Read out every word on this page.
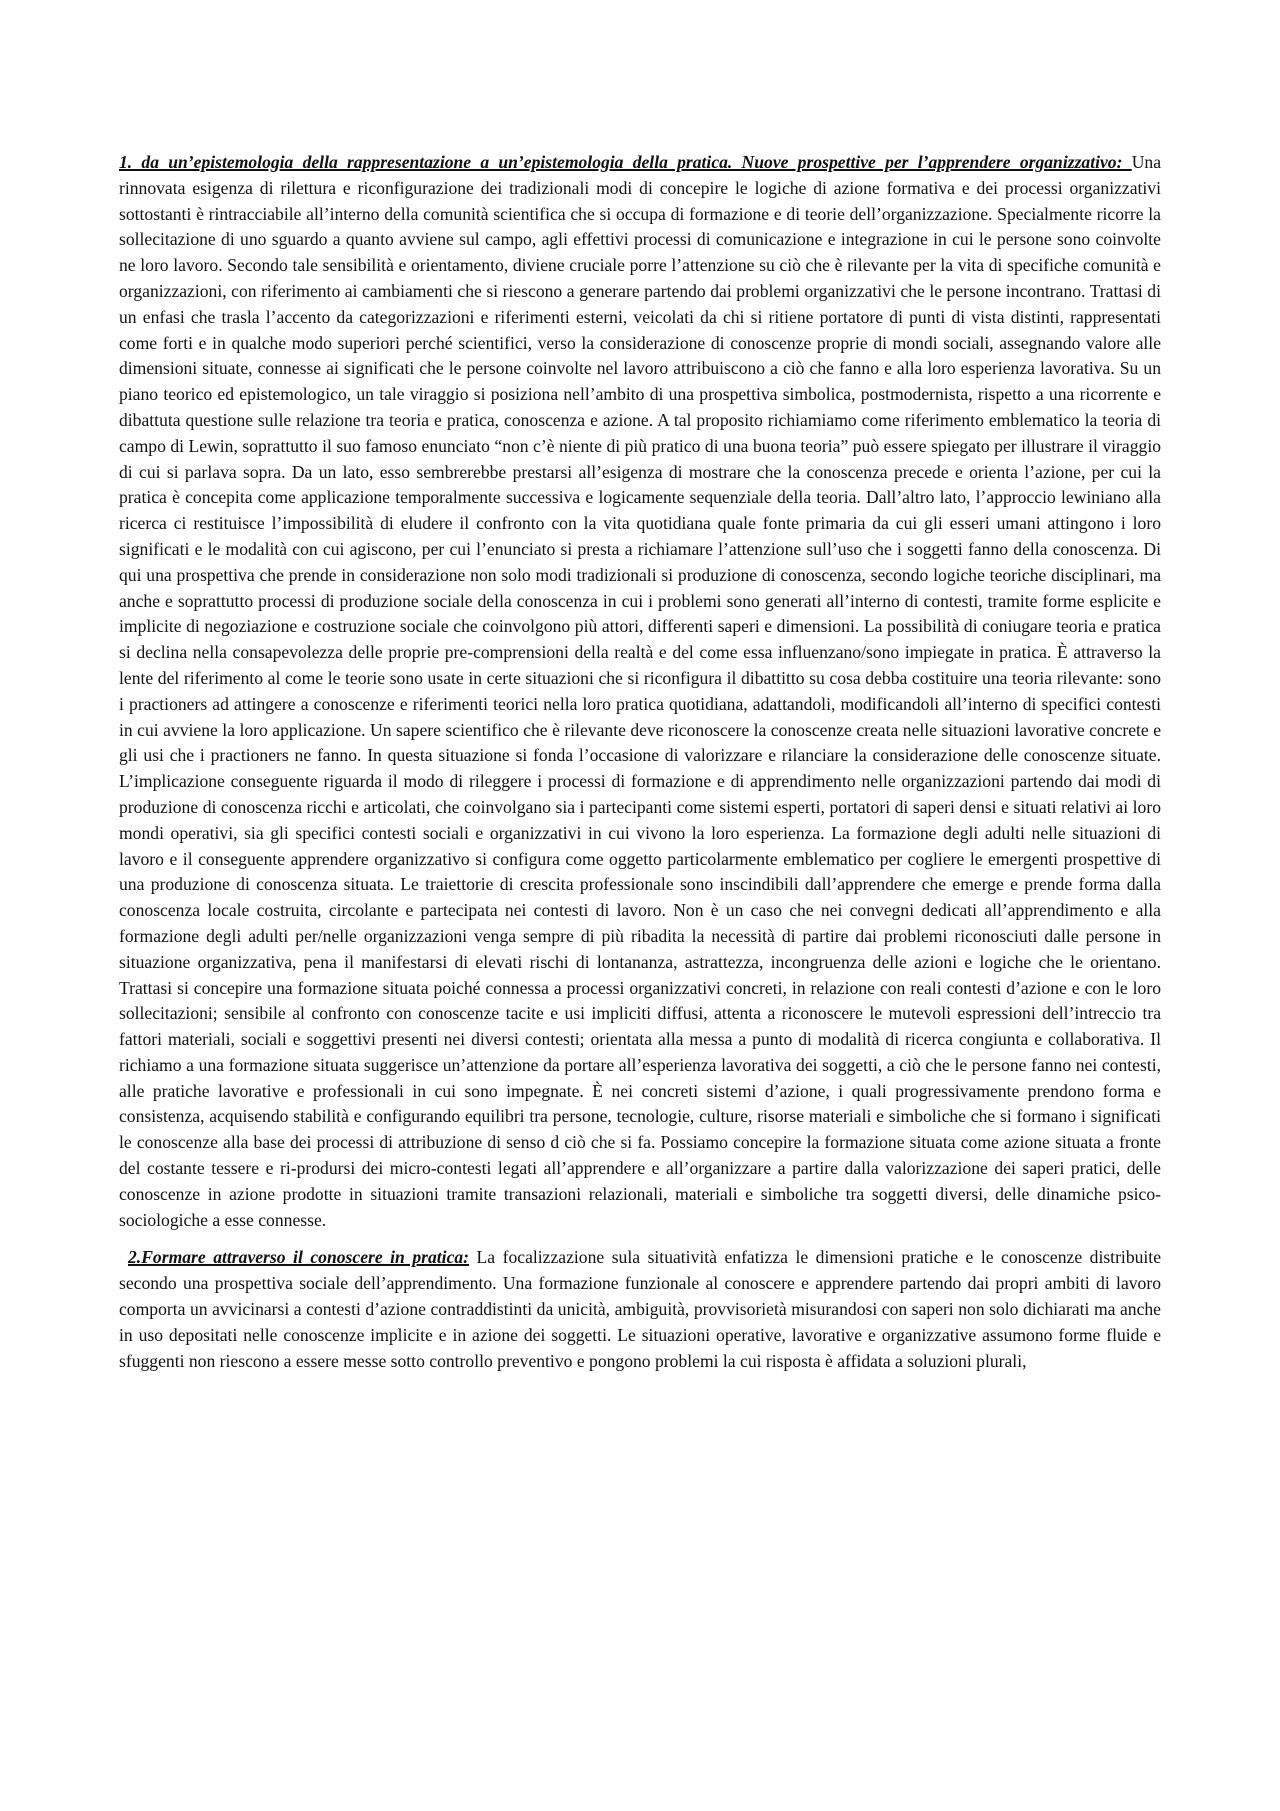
1. da un’epistemologia della rappresentazione a un’epistemologia della pratica. Nuove prospettive per l’apprendere organizzativo: Una rinnovata esigenza di rilettura e riconfigurazione dei tradizionali modi di concepire le logiche di azione formativa e dei processi organizzativi sottostanti è rintracciabile all’interno della comunità scientifica che si occupa di formazione e di teorie dell’organizzazione. Specialmente ricorre la sollecitazione di uno sguardo a quanto avviene sul campo, agli effettivi processi di comunicazione e integrazione in cui le persone sono coinvolte ne loro lavoro. Secondo tale sensibilità e orientamento, diviene cruciale porre l’attenzione su ciò che è rilevante per la vita di specifiche comunità e organizzazioni, con riferimento ai cambiamenti che si riescono a generare partendo dai problemi organizzativi che le persone incontrano. Trattasi di un enfasi che trasla l’accento da categorizzazioni e riferimenti esterni, veicolati da chi si ritiene portatore di punti di vista distinti, rappresentati come forti e in qualche modo superiori perché scientifici, verso la considerazione di conoscenze proprie di mondi sociali, assegnando valore alle dimensioni situate, connesse ai significati che le persone coinvolte nel lavoro attribuiscono a ciò che fanno e alla loro esperienza lavorativa. Su un piano teorico ed epistemologico, un tale viraggio si posiziona nell’ambito di una prospettiva simbolica, postmodernista, rispetto a una ricorrente e dibattuta questione sulle relazione tra teoria e pratica, conoscenza e azione. A tal proposito richiamiamo come riferimento emblematico la teoria di campo di Lewin, soprattutto il suo famoso enunciato “non c’è niente di più pratico di una buona teoria” può essere spiegato per illustrare il viraggio di cui si parlava sopra. Da un lato, esso sembrerebbe prestarsi all’esigenza di mostrare che la conoscenza precede e orienta l’azione, per cui la pratica è concepita come applicazione temporalmente successiva e logicamente sequenziale della teoria. Dall’altro lato, l’approccio lewiniano alla ricerca ci restituisce l’impossibilità di eludere il confronto con la vita quotidiana quale fonte primaria da cui gli esseri umani attingono i loro significati e le modalità con cui agiscono, per cui l’enunciato si presta a richiamare l’attenzione sull’uso che i soggetti fanno della conoscenza. Di qui una prospettiva che prende in considerazione non solo modi tradizionali si produzione di conoscenza, secondo logiche teoriche disciplinari, ma anche e soprattutto processi di produzione sociale della conoscenza in cui i problemi sono generati all’interno di contesti, tramite forme esplicite e implicite di negoziazione e costruzione sociale che coinvolgono più attori, differenti saperi e dimensioni. La possibilità di coniugare teoria e pratica si declina nella consapevolezza delle proprie pre-comprensioni della realtà e del come essa influenzano/sono impiegate in pratica. È attraverso la lente del riferimento al come le teorie sono usate in certe situazioni che si riconfigura il dibattitto su cosa debba costituire una teoria rilevante: sono i practioners ad attingere a conoscenze e riferimenti teorici nella loro pratica quotidiana, adattandoli, modificandoli all’interno di specifici contesti in cui avviene la loro applicazione. Un sapere scientifico che è rilevante deve riconoscere la conoscenze creata nelle situazioni lavorative concrete e gli usi che i practioners ne fanno. In questa situazione si fonda l’occasione di valorizzare e rilanciare la considerazione delle conoscenze situate. L’implicazione conseguente riguarda il modo di rileggere i processi di formazione e di apprendimento nelle organizzazioni partendo dai modi di produzione di conoscenza ricchi e articolati, che coinvolgano sia i partecipanti come sistemi esperti, portatori di saperi densi e situati relativi ai loro mondi operativi, sia gli specifici contesti sociali e organizzativi in cui vivono la loro esperienza. La formazione degli adulti nelle situazioni di lavoro e il conseguente apprendere organizzativo si configura come oggetto particolarmente emblematico per cogliere le emergenti prospettive di una produzione di conoscenza situata. Le traiettorie di crescita professionale sono inscindibili dall’apprendere che emerge e prende forma dalla conoscenza locale costruita, circolante e partecipata nei contesti di lavoro. Non è un caso che nei convegni dedicati all’apprendimento e alla formazione degli adulti per/nelle organizzazioni venga sempre di più ribadita la necessità di partire dai problemi riconosciuti dalle persone in situazione organizzativa, pena il manifestarsi di elevati rischi di lontananza, astrattezza, incongruenza delle azioni e logiche che le orientano. Trattasi si concepire una formazione situata poiché connessa a processi organizzativi concreti, in relazione con reali contesti d’azione e con le loro sollecitazioni; sensibile al confronto con conoscenze tacite e usi impliciti diffusi, attenta a riconoscere le mutevoli espressioni dell’intreccio tra fattori materiali, sociali e soggettivi presenti nei diversi contesti; orientata alla messa a punto di modalità di ricerca congiunta e collaborativa. Il richiamo a una formazione situata suggerisce un’attenzione da portare all’esperienza lavorativa dei soggetti, a ciò che le persone fanno nei contesti, alle pratiche lavorative e professionali in cui sono impegnate. È nei concreti sistemi d’azione, i quali progressivamente prendono forma e consistenza, acquisendo stabilità e configurando equilibri tra persone, tecnologie, culture, risorse materiali e simboliche che si formano i significati le conoscenze alla base dei processi di attribuzione di senso d ciò che si fa. Possiamo concepire la formazione situata come azione situata a fronte del costante tessere e ri-prodursi dei micro-contesti legati all’apprendere e all’organizzare a partire dalla valorizzazione dei saperi pratici, delle conoscenze in azione prodotte in situazioni tramite transazioni relazionali, materiali e simboliche tra soggetti diversi, delle dinamiche psico-sociologiche a esse connesse.

2.Formare attraverso il conoscere in pratica: La focalizzazione sula situatività enfatizza le dimensioni pratiche e le conoscenze distribuite secondo una prospettiva sociale dell’apprendimento. Una formazione funzionale al conoscere e apprendere partendo dai propri ambiti di lavoro comporta un avvicinarsi a contesti d’azione contraddistinti da unicità, ambiguità, provvisorietà misurandosi con saperi non solo dichiarati ma anche in uso depositati nelle conoscenze implicite e in azione dei soggetti. Le situazioni operative, lavorative e organizzative assumono forme fluide e sfuggenti non riescono a essere messe sotto controllo preventivo e pongono problemi la cui risposta è affidata a soluzioni plurali,
